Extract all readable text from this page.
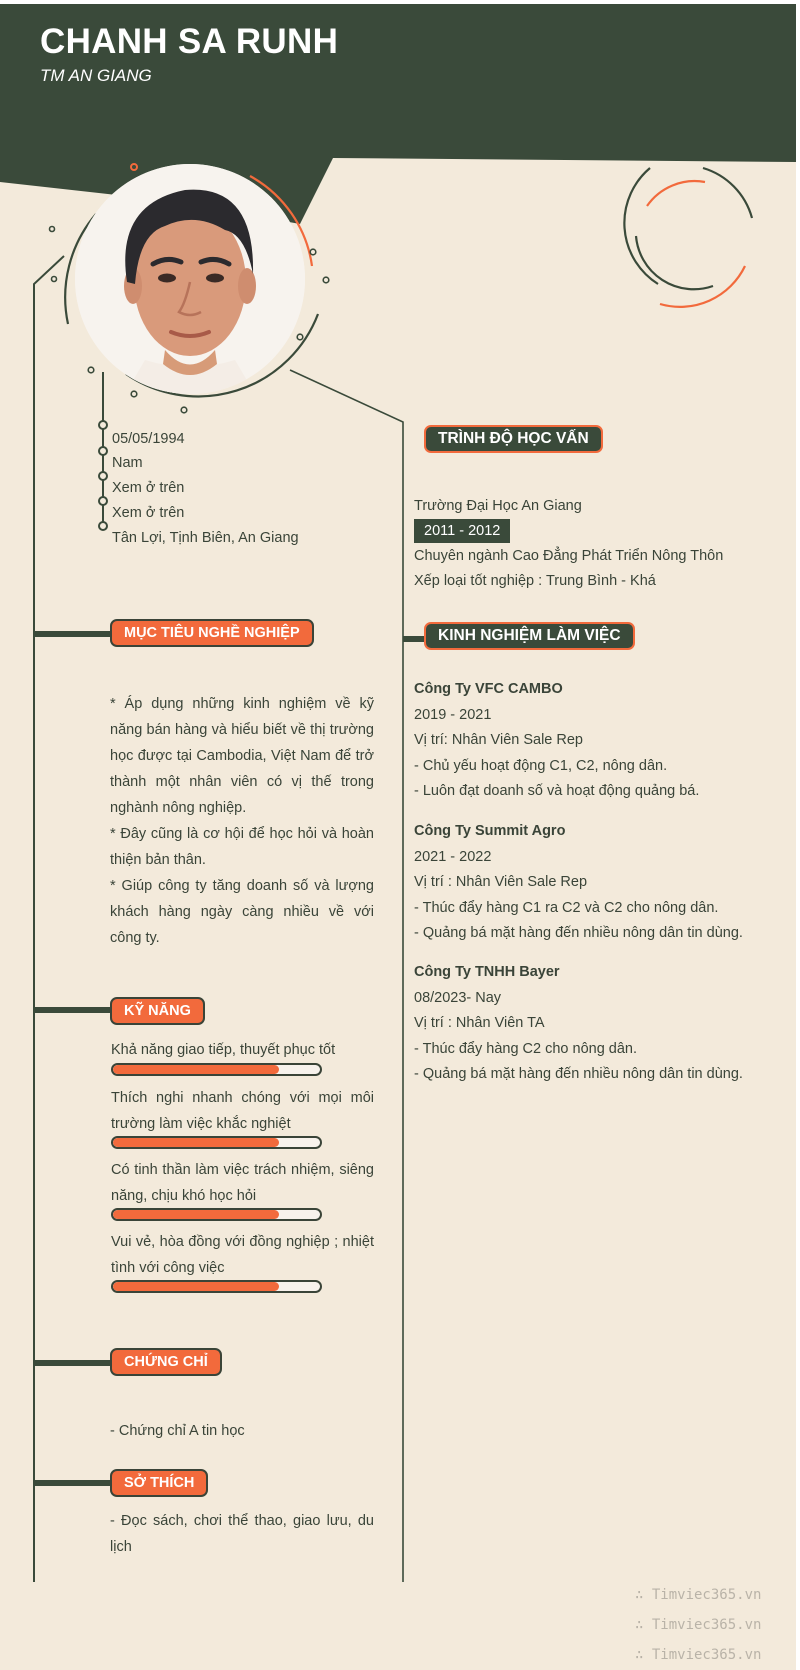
CHANH SA RUNH
TM AN GIANG
05/05/1994
Nam
Xem ở trên
Xem ở trên
Tân Lợi, Tịnh Biên, An Giang
MỤC TIÊU NGHỀ NGHIỆP
KỸ NĂNG
CHỨNG CHỈ
SỞ THÍCH
TRÌNH ĐỘ HỌC VẤN
KINH NGHIỆM LÀM VIỆC

* Áp dụng những kinh nghiệm về kỹ năng bán hàng và hiểu biết về thị trường học được tại Cambodia, Việt Nam để trở thành một nhân viên có vị thế trong nghành nông nghiệp.

* Đây cũng là cơ hội để học hỏi và hoàn thiện bản thân.

* Giúp công ty tăng doanh số và lượng khách hàng ngày càng nhiều về với công ty.

Khả năng giao tiếp, thuyết phục tốt
Thích nghi nhanh chóng với mọi môi trường làm việc khắc nghiệt
Có tinh thần làm việc trách nhiệm, siêng năng, chịu khó học hỏi
Vui vẻ, hòa đồng với đồng nghiệp ; nhiệt tình với công việc
- Chứng chỉ A tin học
- Đọc sách, chơi thể thao, giao lưu, du lịch
Trường Đại Học An Giang
2011 - 2012
Chuyên ngành Cao Đẳng Phát Triển Nông Thôn
Xếp loại tốt nghiệp : Trung Bình - Khá
Công Ty VFC CAMBO
2019 - 2021
Vị trí: Nhân Viên Sale Rep
- Chủ yếu hoạt động C1, C2, nông dân.
- Luôn đạt doanh số và hoạt động quảng bá.
Công Ty Summit Agro
2021 - 2022
Vị trí : Nhân Viên Sale Rep
- Thúc đẩy hàng C1 ra C2 và C2 cho nông dân.
- Quảng bá mặt hàng đến nhiều nông dân tin dùng.
Công Ty TNHH Bayer
08/2023- Nay
Vị trí : Nhân Viên TA
- Thúc đẩy hàng C2 cho nông dân.
- Quảng bá mặt hàng đến nhiều nông dân tin dùng.
∴ Timviec365.vn
∴ Timviec365.vn
∴ Timviec365.vn
